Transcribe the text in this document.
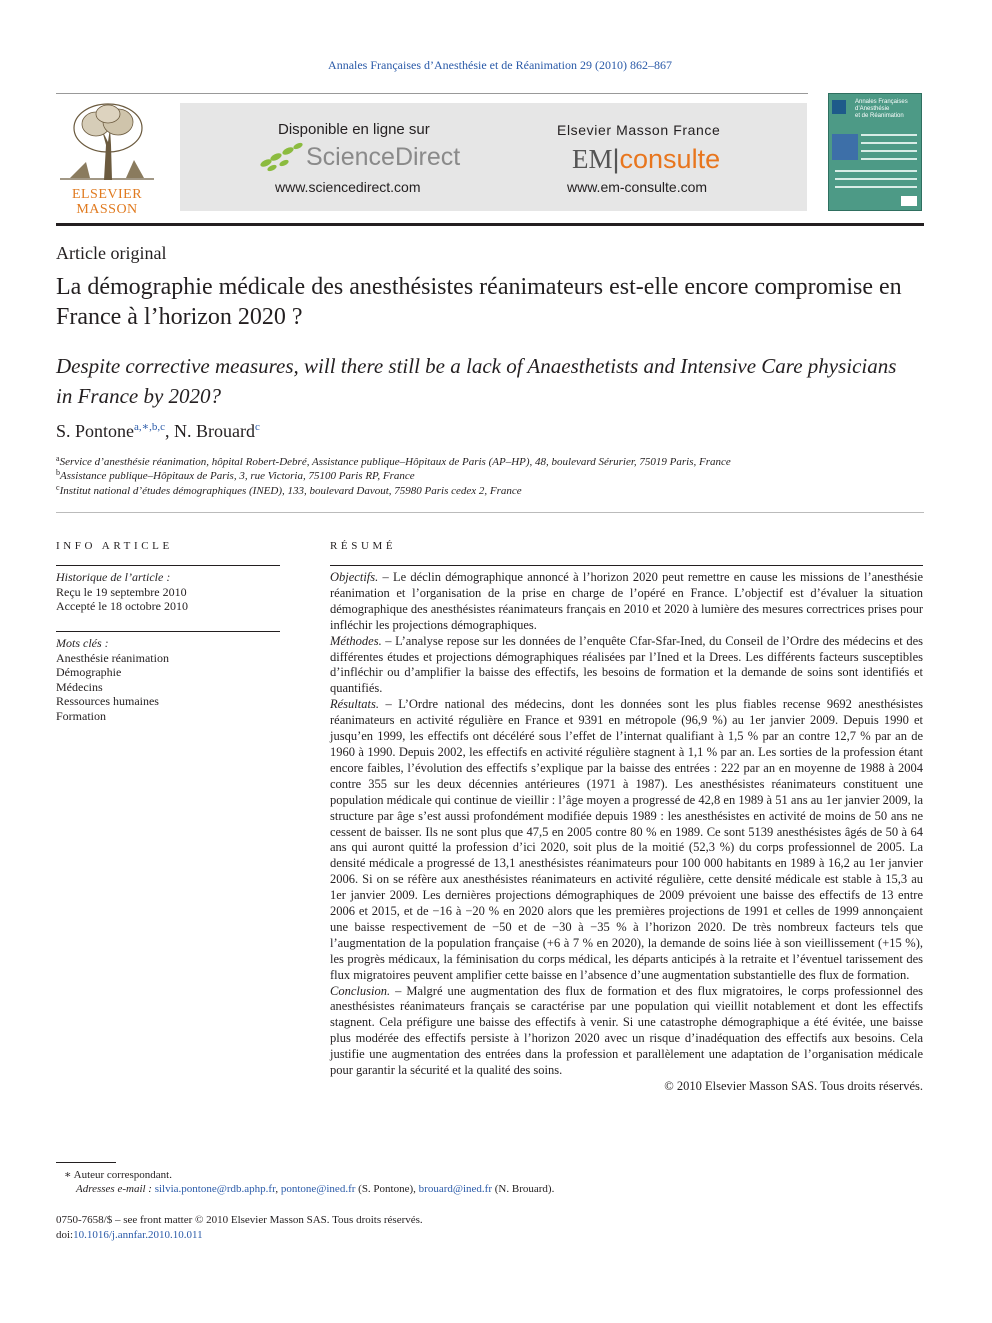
Annales Françaises d’Anesthésie et de Réanimation 29 (2010) 862–867
ELSEVIER
MASSON
Disponible en ligne sur
ScienceDirect
www.sciencedirect.com
Elsevier Masson France
EM|consulte
www.em-consulte.com
Annales Françaises
d’Anesthésie
et de Réanimation
Article original
La démographie médicale des anesthésistes réanimateurs est-elle encore compromise en France à l’horizon 2020 ?
Despite corrective measures, will there still be a lack of Anaesthetists and Intensive Care physicians in France by 2020?
S. Pontone$^{a,∗,b,c}$, N. Brouard$^c$
$^a$Service d’anesthésie réanimation, hôpital Robert-Debré, Assistance publique–Hôpitaux de Paris (AP–HP), 48, boulevard Sérurier, 75019 Paris, France
$^b$Assistance publique–Hôpitaux de Paris, 3, rue Victoria, 75100 Paris RP, France
$^c$Institut national d’études démographiques (INED), 133, boulevard Davout, 75980 Paris cedex 2, France
INFO ARTICLE
Historique de l’article :
Reçu le 19 septembre 2010
Accepté le 18 octobre 2010
Mots clés :
Anesthésie réanimation
Démographie
Médecins
Ressources humaines
Formation
RÉSUMÉ

Objectifs. – Le déclin démographique annoncé à l’horizon 2020 peut remettre en cause les missions de l’anesthésie réanimation et l’organisation de la prise en charge de l’opéré en France. L’objectif est d’évaluer la situation démographique des anesthésistes réanimateurs français en 2010 et 2020 à lumière des mesures correctrices prises pour infléchir les projections démographiques.

Méthodes. – L’analyse repose sur les données de l’enquête Cfar-Sfar-Ined, du Conseil de l’Ordre des médecins et des différentes études et projections démographiques réalisées par l’Ined et la Drees. Les différents facteurs susceptibles d’infléchir ou d’amplifier la baisse des effectifs, les besoins de formation et la demande de soins sont identifiés et quantifiés.

Résultats. – L’Ordre national des médecins, dont les données sont les plus fiables recense 9692 anesthésistes réanimateurs en activité régulière en France et 9391 en métropole (96,9 %) au 1er janvier 2009. Depuis 1990 et jusqu’en 1999, les effectifs ont décéléré sous l’effet de l’internat qualifiant à 1,5 % par an contre 12,7 % par an de 1960 à 1990. Depuis 2002, les effectifs en activité régulière stagnent à 1,1 % par an. Les sorties de la profession étant encore faibles, l’évolution des effectifs s’explique par la baisse des entrées : 222 par an en moyenne de 1988 à 2004 contre 355 sur les deux décennies antérieures (1971 à 1987). Les anesthésistes réanimateurs constituent une population médicale qui continue de vieillir : l’âge moyen a progressé de 42,8 en 1989 à 51 ans au 1er janvier 2009, la structure par âge s’est aussi profondément modifiée depuis 1989 : les anesthésistes en activité de moins de 50 ans ne cessent de baisser. Ils ne sont plus que 47,5 en 2005 contre 80 % en 1989. Ce sont 5139 anesthésistes âgés de 50 à 64 ans qui auront quitté la profession d’ici 2020, soit plus de la moitié (52,3 %) du corps professionnel de 2005. La densité médicale a progressé de 13,1 anesthésistes réanimateurs pour 100 000 habitants en 1989 à 16,2 au 1er janvier 2006. Si on se réfère aux anesthésistes réanimateurs en activité régulière, cette densité médicale est stable à 15,3 au 1er janvier 2009. Les dernières projections démographiques de 2009 prévoient une baisse des effectifs de 13 entre 2006 et 2015, et de −16 à −20 % en 2020 alors que les premières projections de 1991 et celles de 1999 annonçaient une baisse respectivement de −50 et de −30 à −35 % à l’horizon 2020. De très nombreux facteurs tels que l’augmentation de la population française (+6 à 7 % en 2020), la demande de soins liée à son vieillissement (+15 %), les progrès médicaux, la féminisation du corps médical, les départs anticipés à la retraite et l’éventuel tarissement des flux migratoires peuvent amplifier cette baisse en l’absence d’une augmentation substantielle des flux de formation.

Conclusion. – Malgré une augmentation des flux de formation et des flux migratoires, le corps professionnel des anesthésistes réanimateurs français se caractérise par une population qui vieillit notablement et dont les effectifs stagnent. Cela préfigure une baisse des effectifs à venir. Si une catastrophe démographique a été évitée, une baisse plus modérée des effectifs persiste à l’horizon 2020 avec un risque d’inadéquation des effectifs aux besoins. Cela justifie une augmentation des entrées dans la profession et parallèlement une adaptation de l’organisation médicale pour garantir la sécurité et la qualité des soins.

© 2010 Elsevier Masson SAS. Tous droits réservés.

∗ Auteur correspondant.
Adresses e-mail : silvia.pontone@rdb.aphp.fr, pontone@ined.fr (S. Pontone), brouard@ined.fr (N. Brouard).
0750-7658/$ – see front matter © 2010 Elsevier Masson SAS. Tous droits réservés.
doi:10.1016/j.annfar.2010.10.011
